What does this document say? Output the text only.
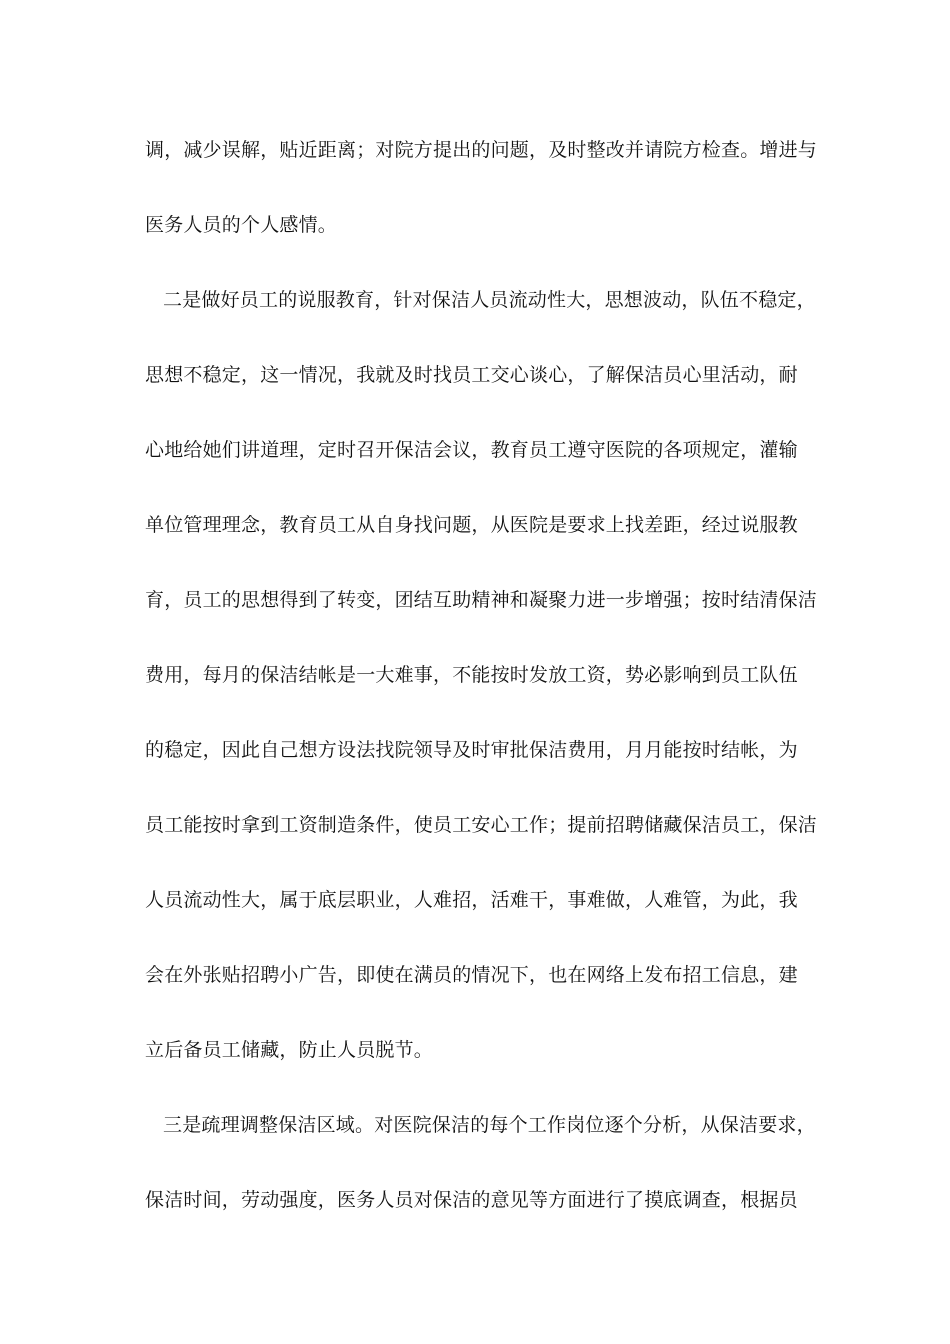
调，减少误解，贴近距离；对院方提出的问题，及时整改并请院方检查。增进与
医务人员的个人感情。
二是做好员工的说服教育，针对保洁人员流动性大，思想波动，队伍不稳定，
思想不稳定，这一情况，我就及时找员工交心谈心，了解保洁员心里活动，耐
心地给她们讲道理，定时召开保洁会议，教育员工遵守医院的各项规定，灌输
单位管理理念，教育员工从自身找问题，从医院是要求上找差距，经过说服教
育，员工的思想得到了转变，团结互助精神和凝聚力进一步增强；按时结清保洁
费用，每月的保洁结帐是一大难事，不能按时发放工资，势必影响到员工队伍
的稳定，因此自己想方设法找院领导及时审批保洁费用，月月能按时结帐，为
员工能按时拿到工资制造条件，使员工安心工作；提前招聘储藏保洁员工，保洁
人员流动性大，属于底层职业，人难招，活难干，事难做，人难管，为此，我
会在外张贴招聘小广告，即使在满员的情况下，也在网络上发布招工信息，建
立后备员工储藏，防止人员脱节。
三是疏理调整保洁区域。对医院保洁的每个工作岗位逐个分析，从保洁要求，
保洁时间，劳动强度，医务人员对保洁的意见等方面进行了摸底调查，根据员
